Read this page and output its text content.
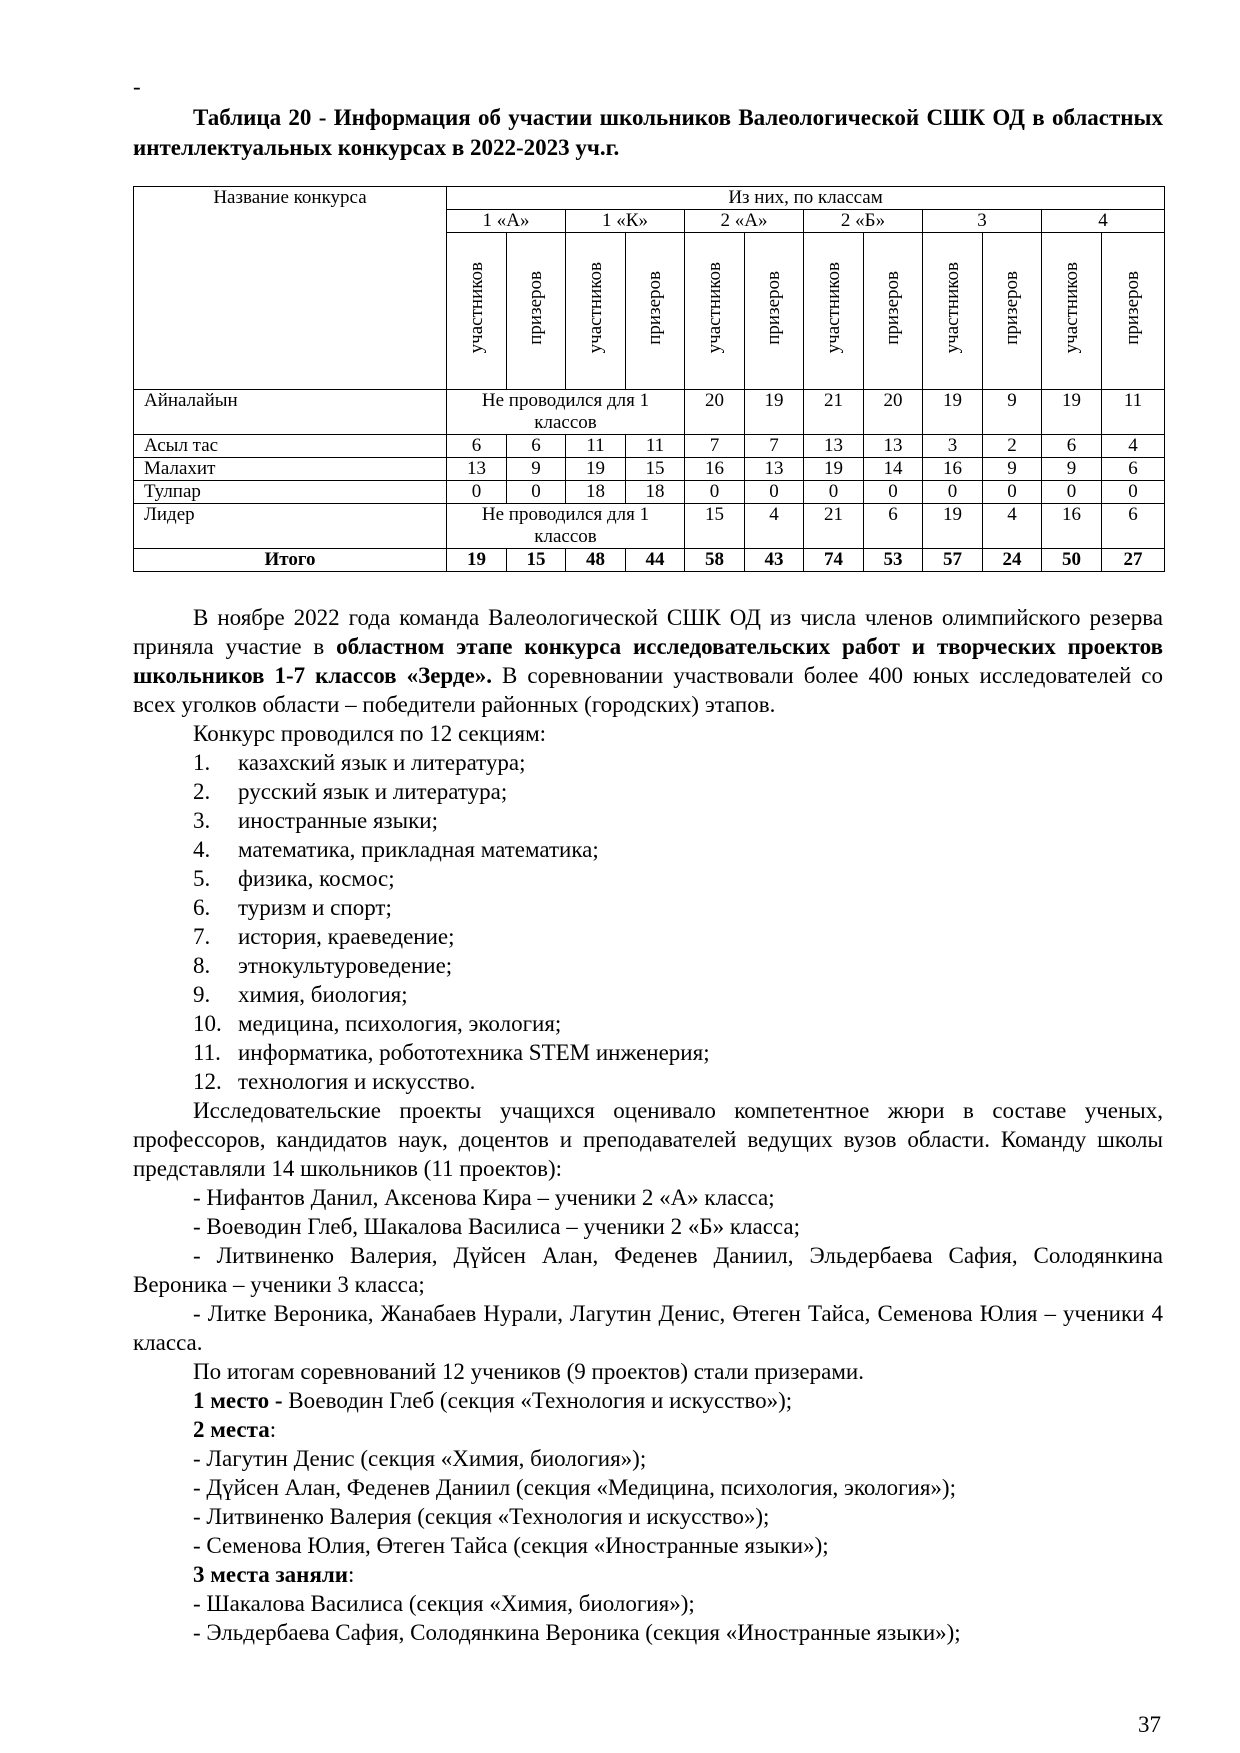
-
Таблица 20 - Информация об участии школьников Валеологической СШК ОД в областных интеллектуальных конкурсах в 2022-2023 уч.г.
Название конкурса	Из них, по классам											
	1 «А»		1 «К»		2 «А»		2 «Б»		3		4	
	участников	призеров	участников	призеров	участников	призеров	участников	призеров	участников	призеров	участников	призеров
Айналайын	Не проводился для 1 классов				20	19	21	20	19	9	19	11
Асыл тас	6	6	11	11	7	7	13	13	3	2	6	4
Малахит	13	9	19	15	16	13	19	14	16	9	9	6
Тулпар	0	0	18	18	0	0	0	0	0	0	0	0
Лидер	Не проводился для 1 классов				15	4	21	6	19	4	16	6
Итого	19	15	48	44	58	43	74	53	57	24	50	27

В ноябре 2022 года команда Валеологической СШК ОД из числа членов олимпийского резерва приняла участие в областном этапе конкурса исследовательских работ и творческих проектов школьников 1-7 классов «Зерде». В соревновании участвовали более 400 юных исследователей со всех уголков области – победители районных (городских) этапов.

Конкурс проводился по 12 секциям:

1. казахский язык и литература;
2. русский язык и литература;
3. иностранные языки;
4. математика, прикладная математика;
5. физика, космос;
6. туризм и спорт;
7. история, краеведение;
8. этнокультуроведение;
9. химия, биология;
10. медицина, психология, экология;
11. информатика, робототехника STEM инженерия;
12. технология и искусство.

Исследовательские проекты учащихся оценивало компетентное жюри в составе ученых, профессоров, кандидатов наук, доцентов и преподавателей ведущих вузов области. Команду школы представляли 14 школьников (11 проектов):

- Нифантов Данил, Аксенова Кира – ученики 2 «А» класса;

- Воеводин Глеб, Шакалова Василиса – ученики 2 «Б» класса;

- Литвиненко Валерия, Дүйсен Алан, Феденев Даниил, Эльдербаева Сафия, Солодянкина Вероника – ученики 3 класса;

- Литке Вероника, Жанабаев Нурали, Лагутин Денис, Өтеген Тайса, Семенова Юлия – ученики 4 класса.

По итогам соревнований 12 учеников (9 проектов) стали призерами.

1 место - Воеводин Глеб (секция «Технология и искусство»);

2 места:

- Лагутин Денис (секция «Химия, биология»);

- Дүйсен Алан, Феденев Даниил (секция «Медицина, психология, экология»);

- Литвиненко Валерия (секция «Технология и искусство»);

- Семенова Юлия, Өтеген Тайса (секция «Иностранные языки»);

3 места заняли:

- Шакалова Василиса (секция «Химия, биология»);

- Эльдербаева Сафия, Солодянкина Вероника (секция «Иностранные языки»);

37
